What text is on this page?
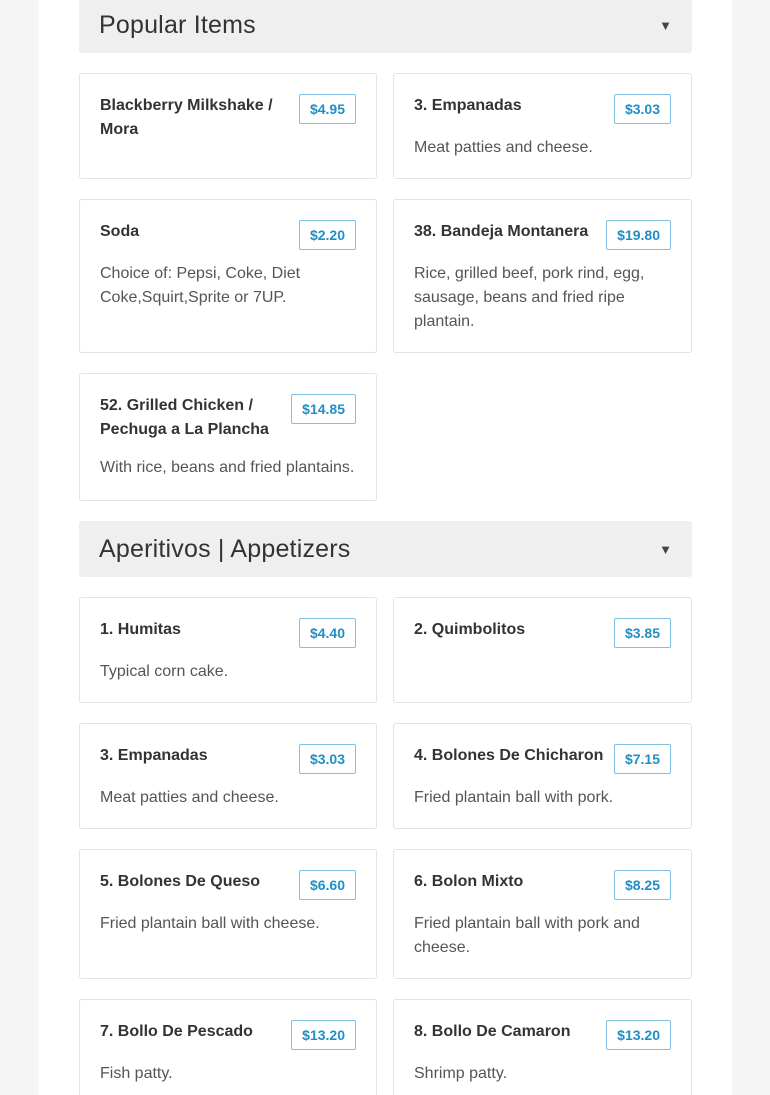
Popular Items	▼
Blackberry Milkshake / Mora
$4.95	3. Empanadas	$3.03
Meat patties and cheese.
Soda	$2.20
Choice of: Pepsi, Coke, Diet Coke,Squirt,Sprite or 7UP.
38. Bandeja Montanera	$19.80
Rice, grilled beef, pork rind, egg, sausage, beans and fried ripe plantain.
52. Grilled Chicken / Pechuga a La Plancha
$14.85
With rice, beans and fried plantains.
Aperitivos | Appetizers	▼
1. Humitas	$4.40
Typical corn cake.
2. Quimbolitos	$3.85
3. Empanadas	$3.03
Meat patties and cheese.
4. Bolones De Chicharon	$7.15
Fried plantain ball with pork.
5. Bolones De Queso	$6.60
Fried plantain ball with cheese.
6. Bolon Mixto	$8.25
Fried plantain ball with pork and cheese.
7. Bollo De Pescado	$13.20
Fish patty.
8. Bollo De Camaron	$13.20
Shrimp patty.
